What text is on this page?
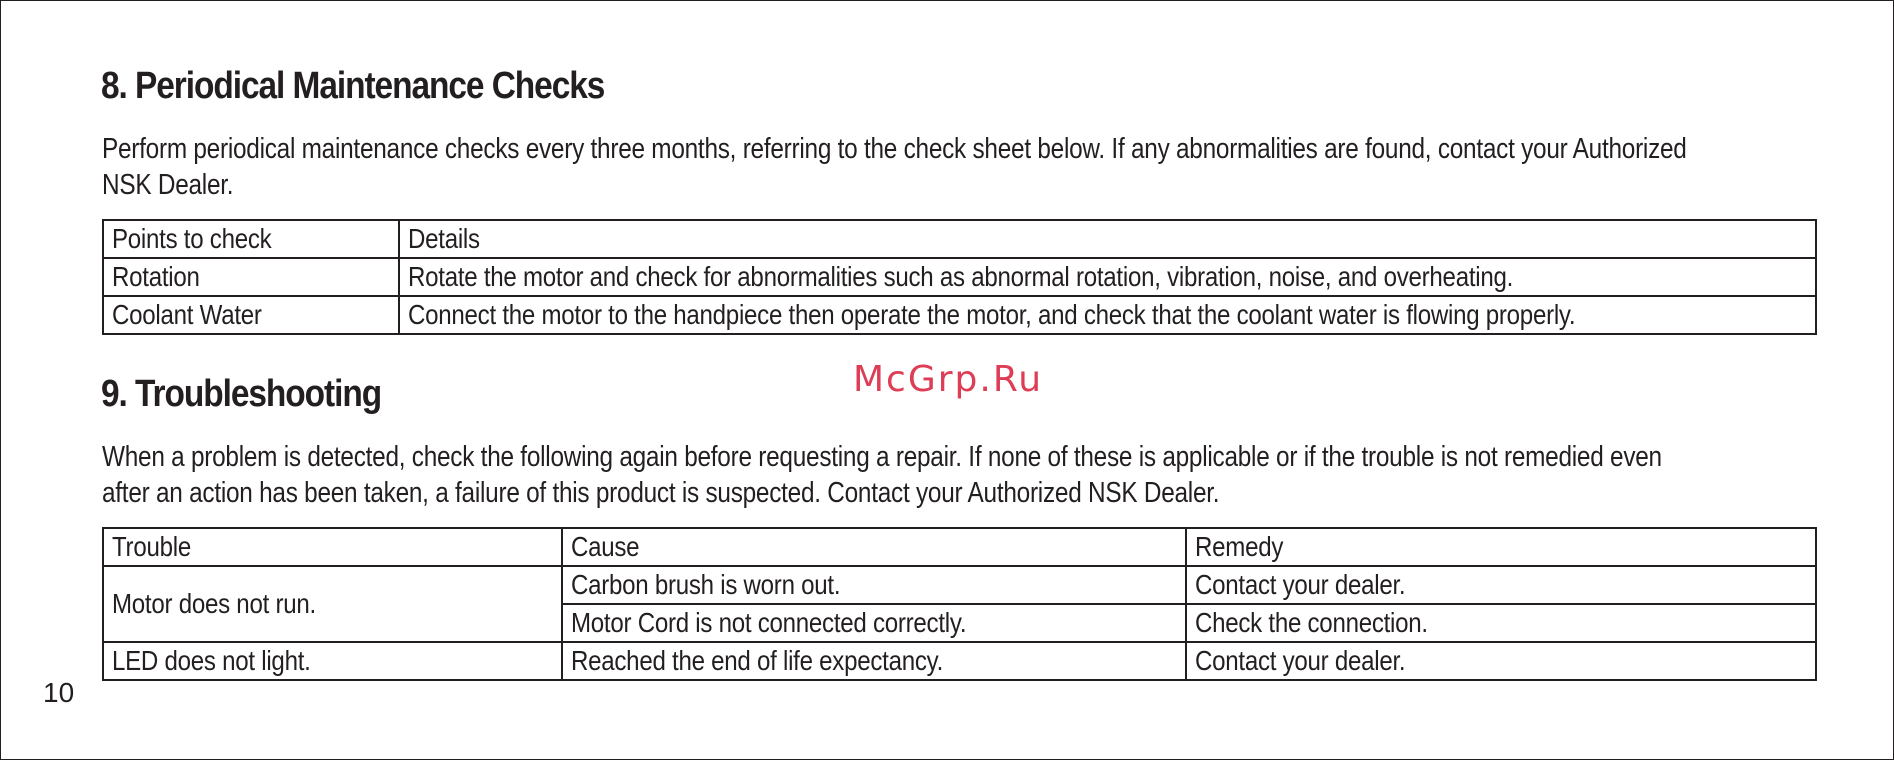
8. Periodical Maintenance Checks

Perform periodical maintenance checks every three months, referring to the check sheet below. If any abnormalities are found, contact your Authorized
NSK Dealer.

Points to check	Details
Rotation	Rotate the motor and check for abnormalities such as abnormal rotation, vibration, noise, and overheating.
Coolant Water	Connect the motor to the handpiece then operate the motor, and check that the coolant water is flowing properly.
McGrp.Ru
9. Troubleshooting

When a problem is detected, check the following again before requesting a repair. If none of these is applicable or if the trouble is not remedied even
after an action has been taken, a failure of this product is suspected. Contact your Authorized NSK Dealer.

Trouble	Cause	Remedy
Motor does not run.	Carbon brush is worn out.	Contact your dealer.
	Motor Cord is not connected correctly.	Check the connection.
LED does not light.	Reached the end of life expectancy.	Contact your dealer.
10
